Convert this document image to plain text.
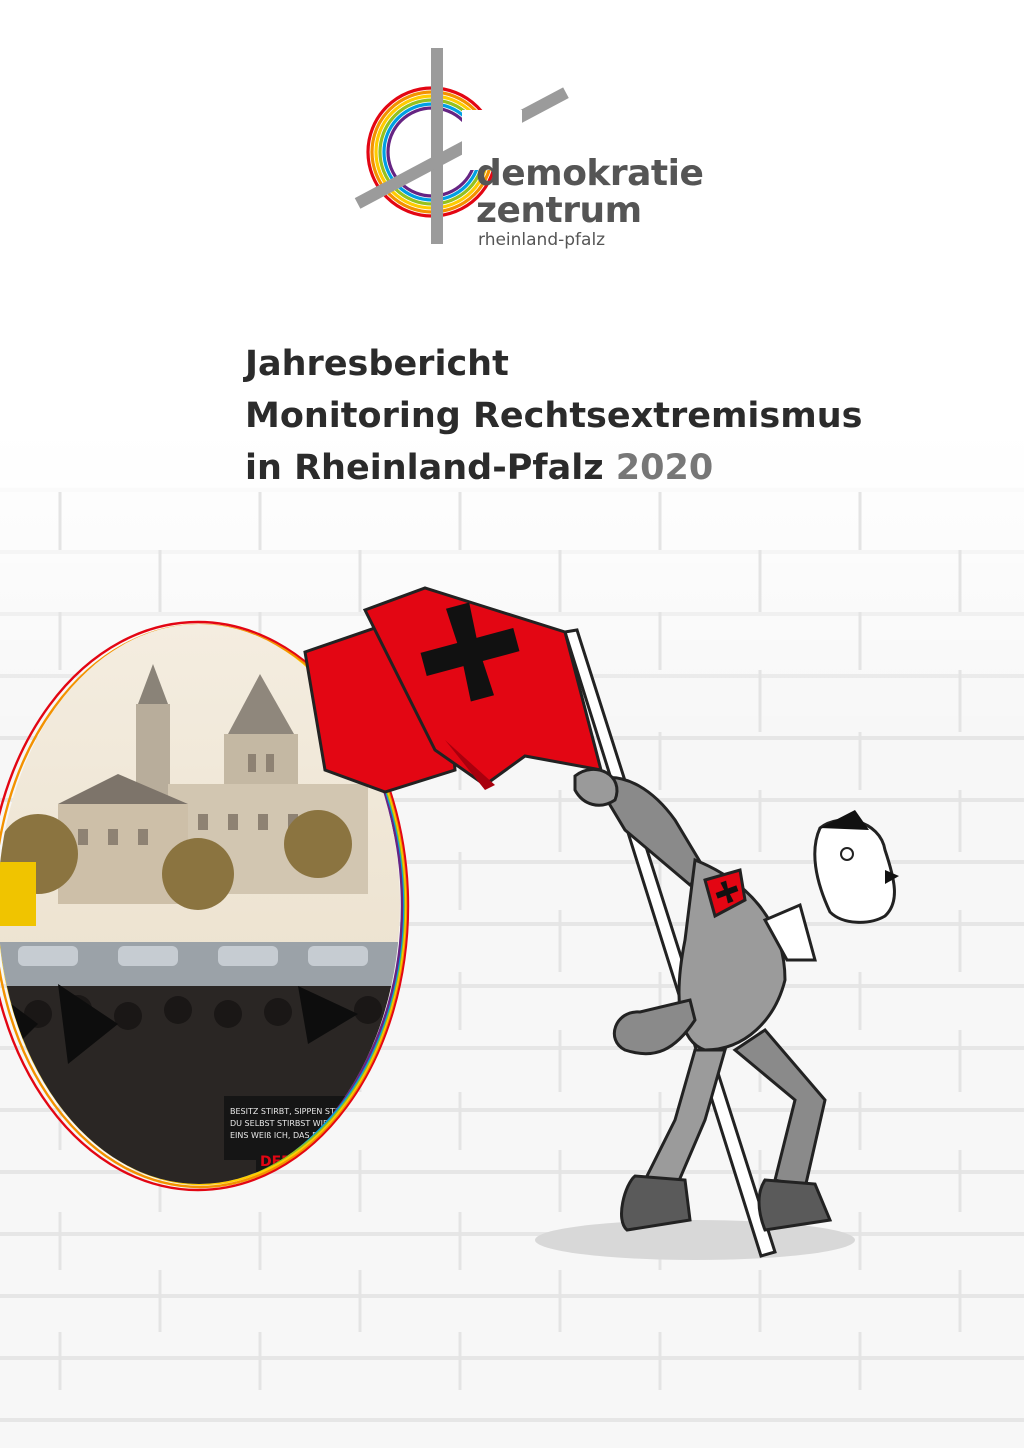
demokratie

zentrum

rheinland-pfalz

Jahresbericht
Monitoring Rechtsextremismus
in Rheinland-Pfalz 2020
BESITZ STIRBT, SIPPEN STE
DU SELBST STIRBST WIE SI
EINS WEIß ICH, DAS EWIG L
DER TOTEN
